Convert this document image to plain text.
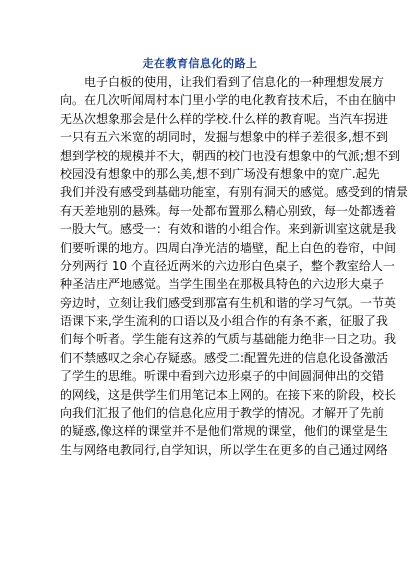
走在教育信息化的路上
电子白板的使用，让我们看到了信息化的一种理想发展方
向。在几次听闻周村本门里小学的电化教育技术后，不由在脑中
无丛次想象那会是什么样的学校.什么样的教育呢。当汽车拐进
一只有五六米宽的胡同时，发掘与想象中的样子差很多,想不到
想到学校的规模并不大，朝西的校门也没有想象中的气派;想不到
校园没有想象中的那么美,想不到广场没有想象中的宽广.起先
我们并没有感受到基础功能室，有别有洞天的感觉。感受到的情景
有天差地别的悬殊。每一处都布置那么精心别致，每一处都透着
一股大气。感受一：有效和谐的小组合作。来到新训室这就是我
们要听课的地方。四周白净光洁的墙壁，配上白色的卷帘，中间
分列两行 10 个直径近两米的六边形白色桌子，整个教室给人一
种圣洁庄严地感觉。当学生围坐在那极具特色的六边形大桌子
旁边时，立刻让我们感受到那富有生机和谐的学习气氛。一节英
语课下来,学生流利的口语以及小组合作的有条不紊，征服了我
们每个听者。学生能有这养的气质与基础能力绝非一日之功。我
们不禁感叹之余心存疑惑。感受二:配置先进的信息化设备激活
了学生的思维。听课中看到六边形桌子的中间圆洞伸出的交错
的网线，这是供学生们用笔记本上网的。在接下来的阶段，校长
向我们汇报了他们的信息化应用于教学的情况。才解开了先前
的疑惑,像这样的课堂并不是他们常规的课堂，他们的课堂是生
生与网络电教同行,自学知识，所以学生在更多的自己通过网络
